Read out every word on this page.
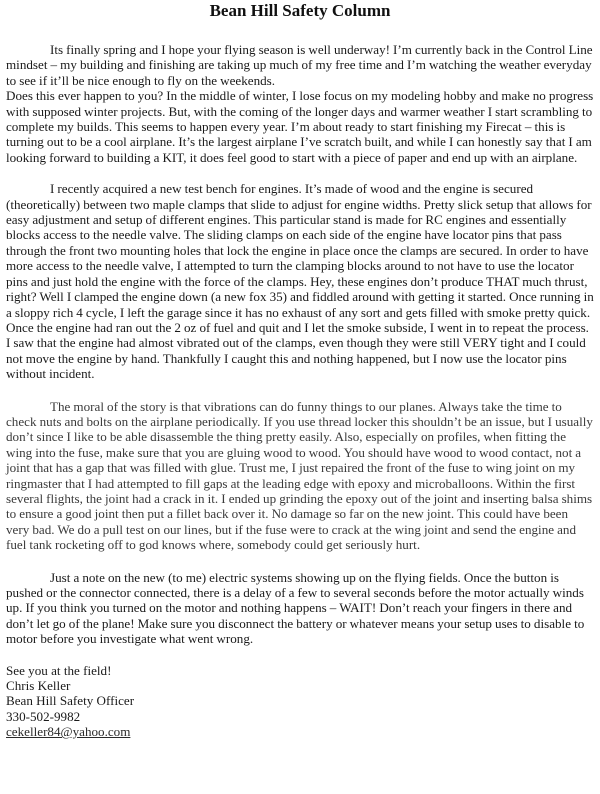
Bean Hill Safety Column

Its finally spring and I hope your flying season is well underway! I’m currently back in the Control Line mindset – my building and finishing are taking up much of my free time and I’m watching the weather everyday to see if it’ll be nice enough to fly on the weekends.

Does this ever happen to you? In the middle of winter, I lose focus on my modeling hobby and make no progress with supposed winter projects. But, with the coming of the longer days and warmer weather I start scrambling to complete my builds. This seems to happen every year. I’m about ready to start finishing my Firecat – this is turning out to be a cool airplane. It’s the largest airplane I’ve scratch built, and while I can honestly say that I am looking forward to building a KIT, it does feel good to start with a piece of paper and end up with an airplane.

I recently acquired a new test bench for engines. It’s made of wood and the engine is secured (theoretically) between two maple clamps that slide to adjust for engine widths. Pretty slick setup that allows for easy adjustment and setup of different engines. This particular stand is made for RC engines and essentially blocks access to the needle valve. The sliding clamps on each side of the engine have locator pins that pass through the front two mounting holes that lock the engine in place once the clamps are secured. In order to have more access to the needle valve, I attempted to turn the clamping blocks around to not have to use the locator pins and just hold the engine with the force of the clamps. Hey, these engines don’t produce THAT much thrust, right? Well I clamped the engine down (a new fox 35) and fiddled around with getting it started. Once running in a sloppy rich 4 cycle, I left the garage since it has no exhaust of any sort and gets filled with smoke pretty quick. Once the engine had ran out the 2 oz of fuel and quit and I let the smoke subside, I went in to repeat the process. I saw that the engine had almost vibrated out of the clamps, even though they were still VERY tight and I could not move the engine by hand. Thankfully I caught this and nothing happened, but I now use the locator pins without incident.

The moral of the story is that vibrations can do funny things to our planes. Always take the time to check nuts and bolts on the airplane periodically. If you use thread locker this shouldn’t be an issue, but I usually don’t since I like to be able disassemble the thing pretty easily. Also, especially on profiles, when fitting the wing into the fuse, make sure that you are gluing wood to wood. You should have wood to wood contact, not a joint that has a gap that was filled with glue. Trust me, I just repaired the front of the fuse to wing joint on my ringmaster that I had attempted to fill gaps at the leading edge with epoxy and microballoons. Within the first several flights, the joint had a crack in it. I ended up grinding the epoxy out of the joint and inserting balsa shims to ensure a good joint then put a fillet back over it. No damage so far on the new joint. This could have been very bad. We do a pull test on our lines, but if the fuse were to crack at the wing joint and send the engine and fuel tank rocketing off to god knows where, somebody could get seriously hurt.

Just a note on the new (to me) electric systems showing up on the flying fields. Once the button is pushed or the connector connected, there is a delay of a few to several seconds before the motor actually winds up. If you think you turned on the motor and nothing happens – WAIT! Don’t reach your fingers in there and don’t let go of the plane! Make sure you disconnect the battery or whatever means your setup uses to disable to motor before you investigate what went wrong.

See you at the field!
Chris Keller
Bean Hill Safety Officer
330-502-9982
cekeller84@yahoo.com
